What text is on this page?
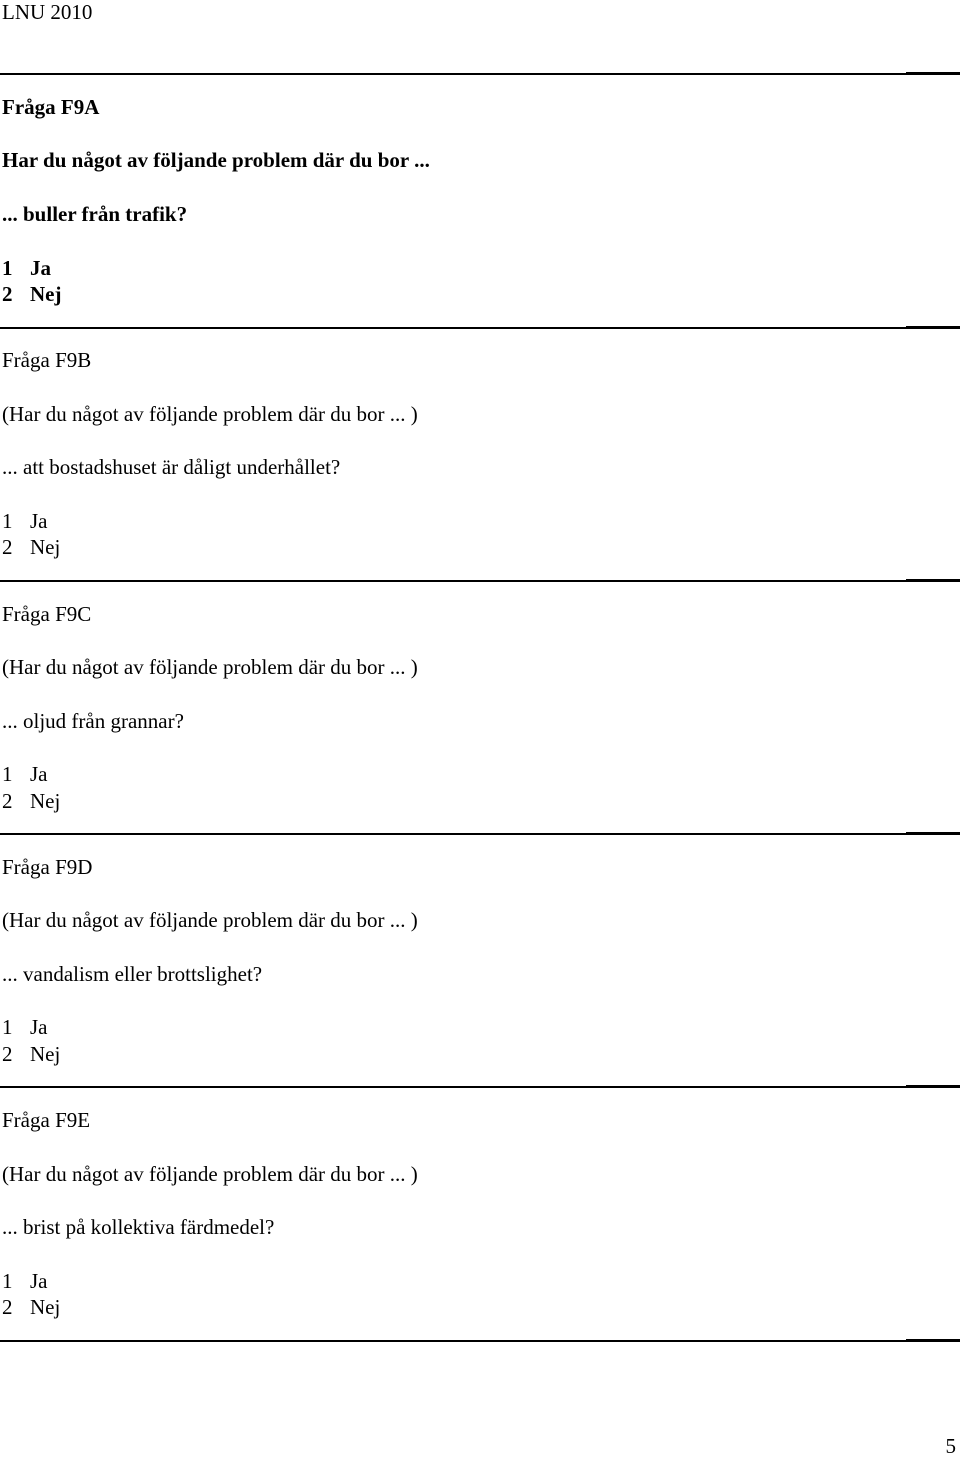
LNU 2010
Fråga F9A
Har du något av följande problem där du bor ...
... buller från trafik?
1 Ja
2 Nej
Fråga F9B
(Har du något av följande problem där du bor ... )
... att bostadshuset är dåligt underhållet?
1 Ja
2 Nej
Fråga F9C
(Har du något av följande problem där du bor ... )
... oljud från grannar?
1 Ja
2 Nej
Fråga F9D
(Har du något av följande problem där du bor ... )
... vandalism eller brottslighet?
1 Ja
2 Nej
Fråga F9E
(Har du något av följande problem där du bor ... )
... brist på kollektiva färdmedel?
1 Ja
2 Nej
5
